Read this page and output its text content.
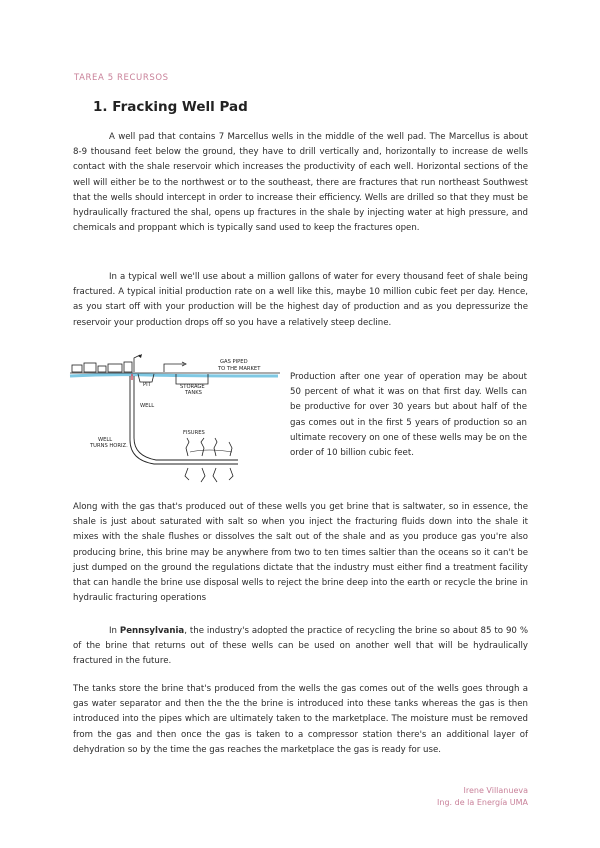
TAREA 5 RECURSOS
1. Fracking Well Pad

A well pad that contains 7 Marcellus wells in the middle of the well pad. The Marcellus is about 8-9 thousand feet below the ground, they have to drill vertically and, horizontally to increase de wells contact with the shale reservoir which increases the productivity of each well. Horizontal sections of the well will either be to the northwest or to the southeast, there are fractures that run northeast Southwest that the wells should intercept in order to increase their efficiency. Wells are drilled so that they must be hydraulically fractured the shal, opens up fractures in the shale by injecting water at high pressure, and chemicals and proppant which is typically sand used to keep the fractures open.

In a typical well we'll use about a million gallons of water for every thousand feet of shale being fractured. A typical initial production rate on a well like this, maybe 10 million cubic feet per day. Hence, as you start off with your production will be the highest day of production and as you depressurize the reservoir your production drops off so you have a relatively steep decline.

GAS PIPED
TO THE MARKET
PIT	STORAGE
TANKS
WELL
FISURES
WELL
TURNS HORIZ.

Production after one year of operation may be about 50 percent of what it was on that first day. Wells can be productive for over 30 years but about half of the gas comes out in the first 5 years of production so an ultimate recovery on one of these wells may be on the order of 10 billion cubic feet.

Along with the gas that's produced out of these wells you get brine that is saltwater, so in essence, the shale is just about saturated with salt so when you inject the fracturing fluids down into the shale it mixes with the shale flushes or dissolves the salt out of the shale and as you produce gas you're also producing brine, this brine may be anywhere from two to ten times saltier than the oceans so it can't be just dumped on the ground the regulations dictate that the industry must either find a treatment facility that can handle the brine use disposal wells to reject the brine deep into the earth or recycle the brine in hydraulic fracturing operations

In Pennsylvania, the industry's adopted the practice of recycling the brine so about 85 to 90 % of the brine that returns out of these wells can be used on another well that will be hydraulically fractured in the future.

The tanks store the brine that's produced from the wells the gas comes out of the wells goes through a gas water separator and then the the the brine is introduced into these tanks whereas the gas is then introduced into the pipes which are ultimately taken to the marketplace. The moisture must be removed from the gas and then once the gas is taken to a compressor station there's an additional layer of dehydration so by the time the gas reaches the marketplace the gas is ready for use.

Irene Villanueva
Ing. de la Energía UMA
